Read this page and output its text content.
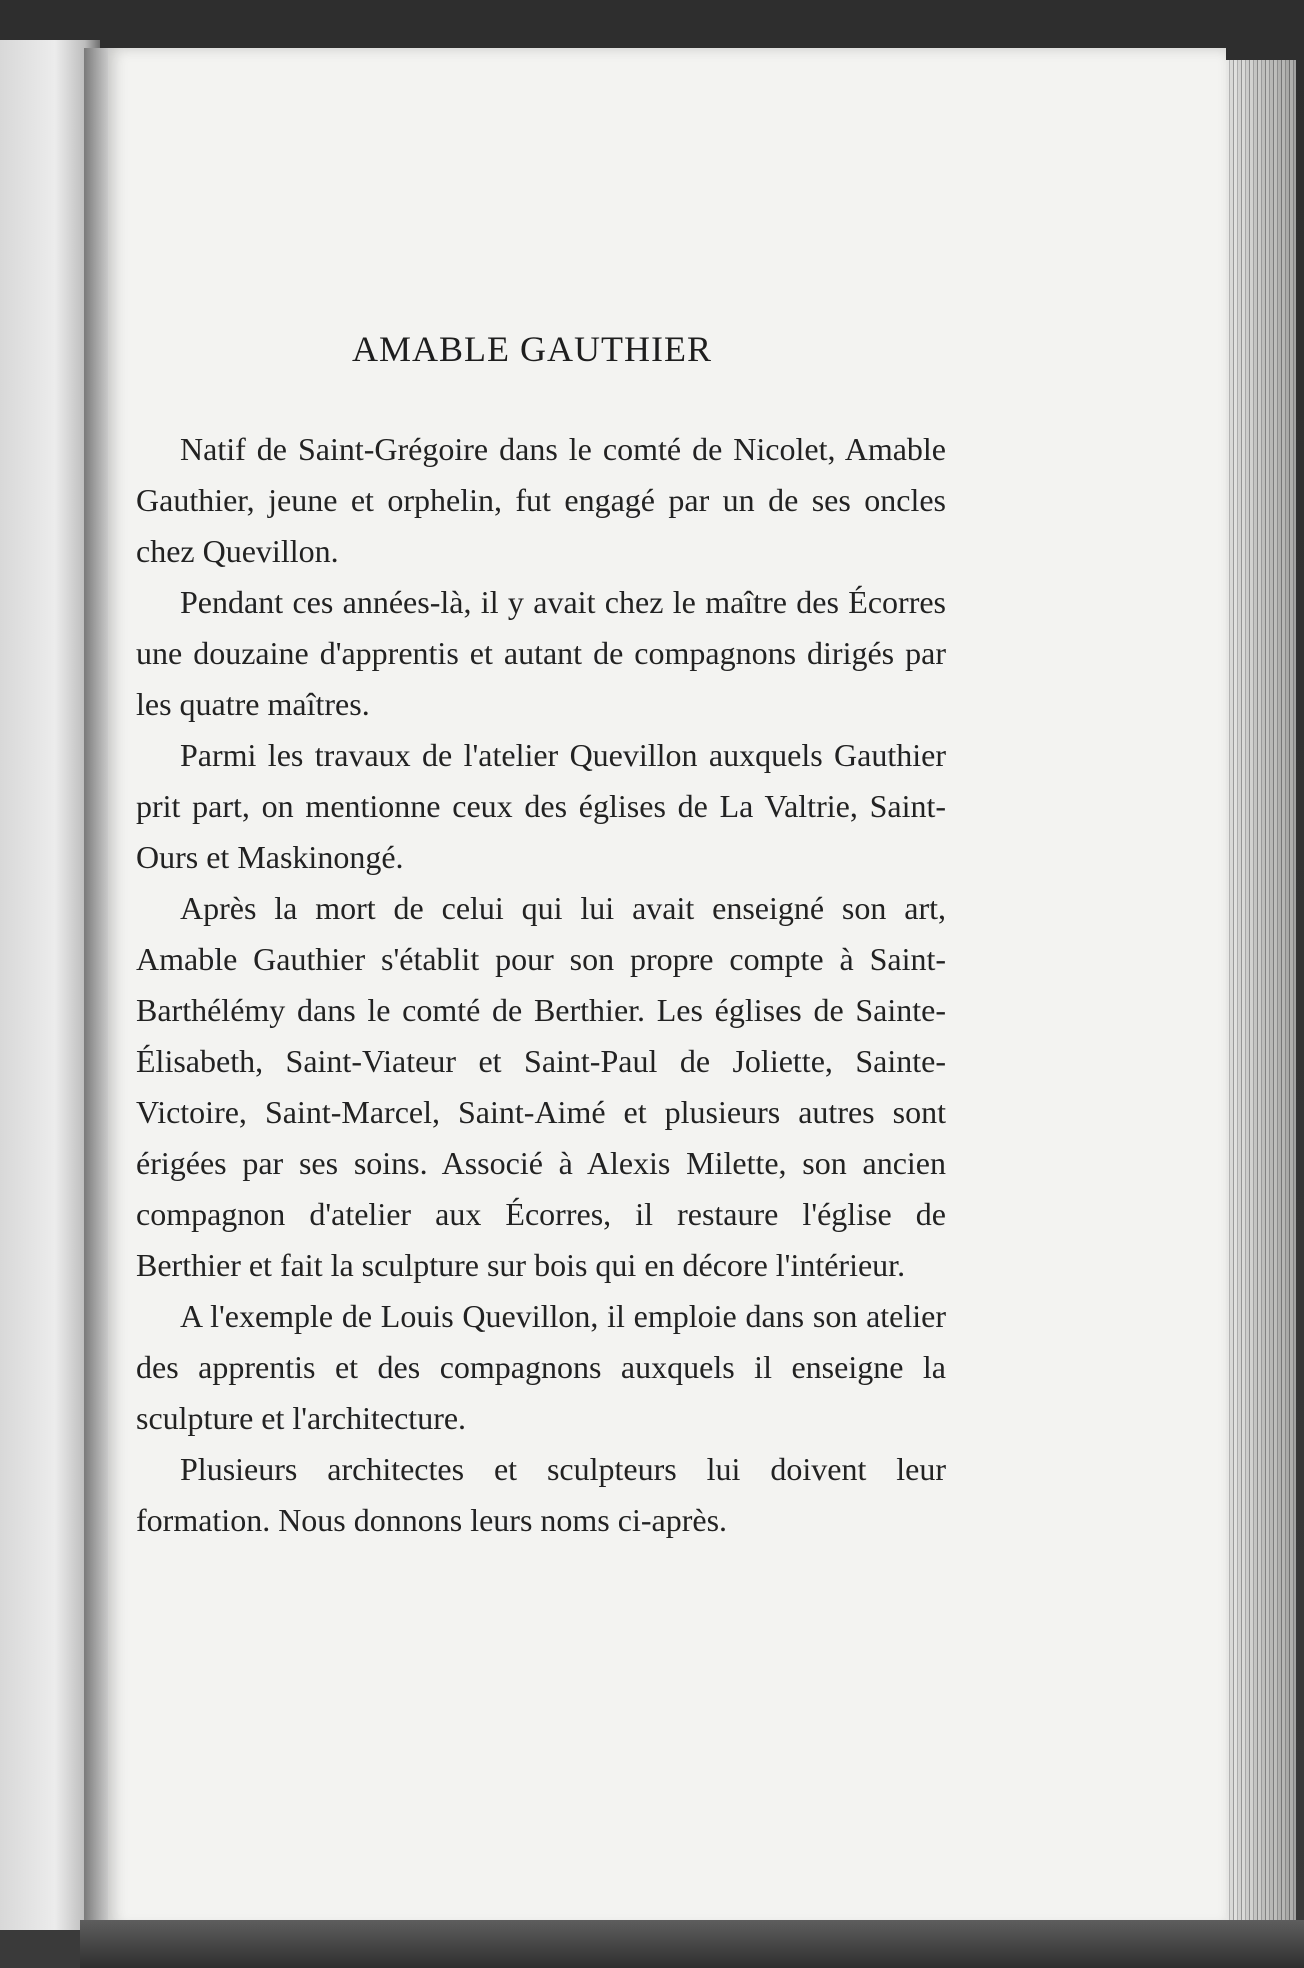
AMABLE GAUTHIER

Natif de Saint-Grégoire dans le comté de Nicolet, Amable Gauthier, jeune et orphelin, fut engagé par un de ses oncles chez Quevillon.

Pendant ces années-là, il y avait chez le maître des Écorres une douzaine d'apprentis et autant de compagnons dirigés par les quatre maîtres.

Parmi les travaux de l'atelier Quevillon auxquels Gauthier prit part, on mentionne ceux des églises de La Valtrie, Saint-Ours et Maskinongé.

Après la mort de celui qui lui avait enseigné son art, Amable Gauthier s'établit pour son propre compte à Saint-Barthélémy dans le comté de Berthier. Les églises de Sainte-Élisabeth, Saint-Viateur et Saint-Paul de Joliette, Sainte-Victoire, Saint-Marcel, Saint-Aimé et plusieurs autres sont érigées par ses soins. Associé à Alexis Milette, son ancien compagnon d'atelier aux Écorres, il restaure l'église de Berthier et fait la sculpture sur bois qui en décore l'intérieur.

A l'exemple de Louis Quevillon, il emploie dans son atelier des apprentis et des compagnons auxquels il enseigne la sculpture et l'architecture.

Plusieurs architectes et sculpteurs lui doivent leur formation. Nous donnons leurs noms ci-après.
